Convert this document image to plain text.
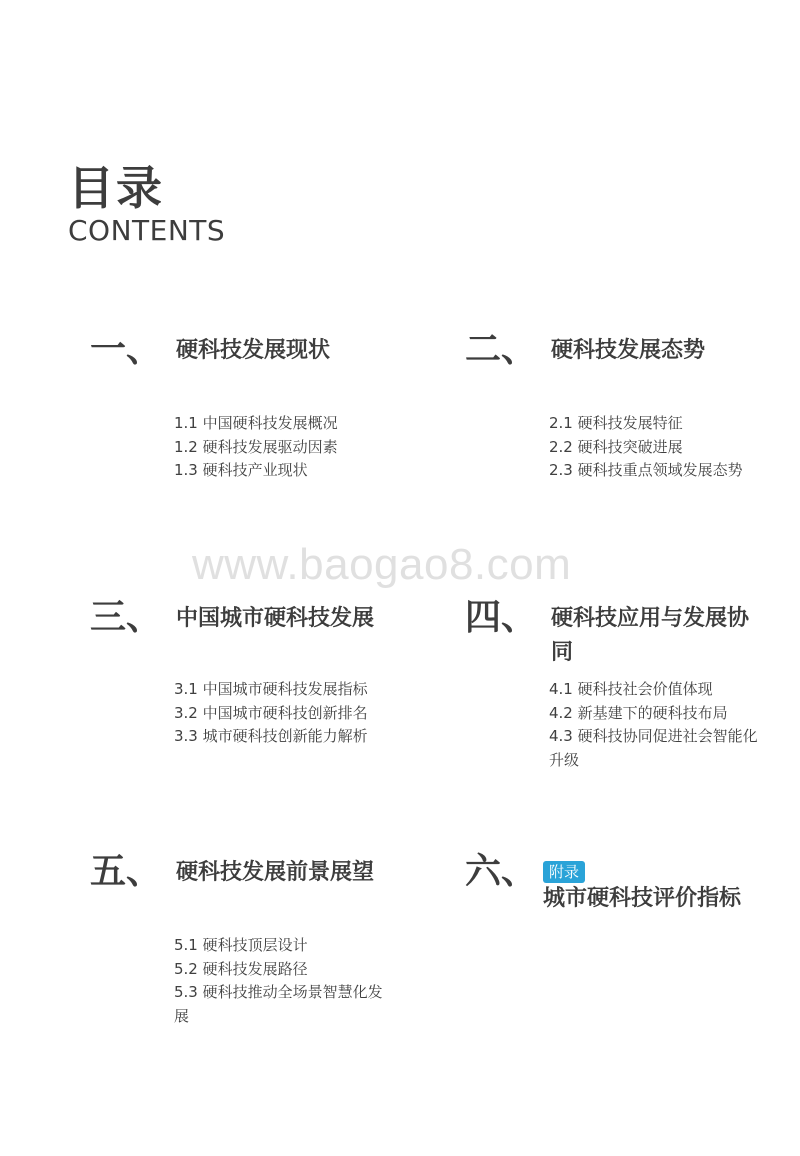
目录
CONTENTS
www.baogao8.com
一、 硬科技发展现状
1.1 中国硬科技发展概况
1.2 硬科技发展驱动因素
1.3 硬科技产业现状
二、 硬科技发展态势
2.1 硬科技发展特征
2.2 硬科技突破进展
2.3 硬科技重点领域发展态势
三、 中国城市硬科技发展
3.1 中国城市硬科技发展指标
3.2 中国城市硬科技创新排名
3.3 城市硬科技创新能力解析
四、 硬科技应用与发展协同
4.1 硬科技社会价值体现
4.2 新基建下的硬科技布局
4.3 硬科技协同促进社会智能化升级
五、 硬科技发展前景展望
5.1 硬科技顶层设计
5.2 硬科技发展路径
5.3 硬科技推动全场景智慧化发展
六、 附录
城市硬科技评价指标
